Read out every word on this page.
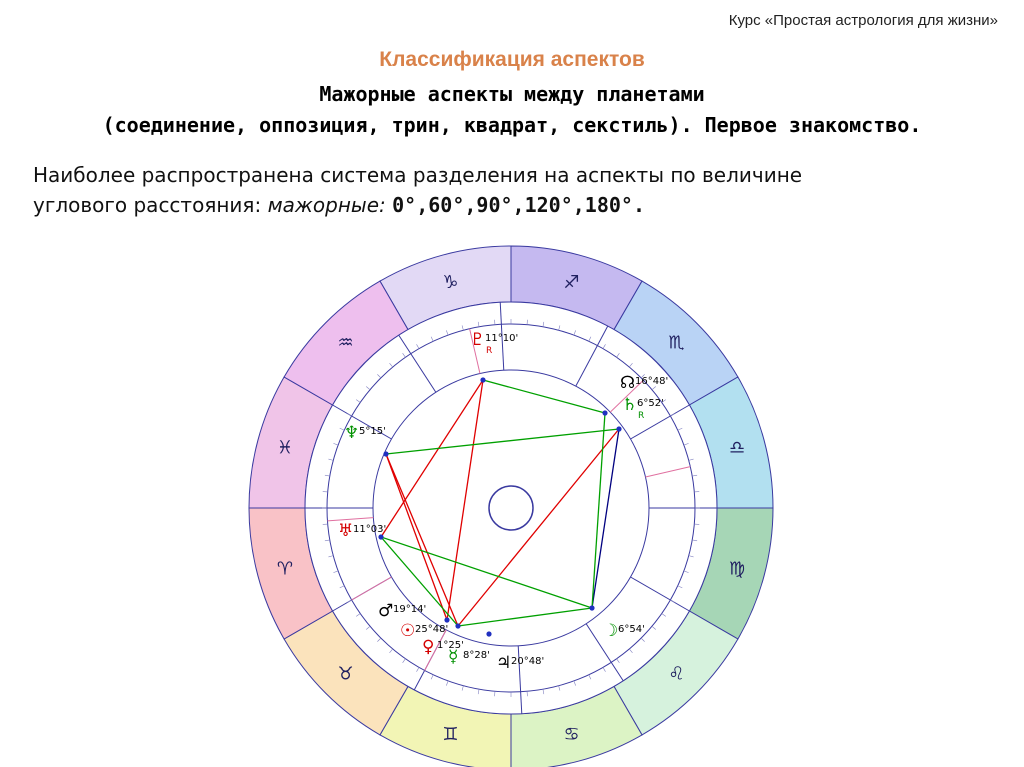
Курс «Простая астрология для жизни»
Классификация аспектов
Мажорные аспекты между планетами
(соединение, оппозиция, трин, квадрат, секстиль). Первое знакомство.
Наиболее распространена система разделения на аспекты по величине
углового расстояния: мажорные: 0°,60°,90°,120°,180°.
♑	♐
♏
♎
♍
♌
♋
♊
♉
♈
♓
♒	♇ 11°10'
R
☊ 16°48'
♄ 6°52'
R
♆ 5°15'
♅ 11°03'
♂ 19°14'
☉ 25°48'
♀ 1°25'
☿ 8°28' ♃ 20°48'
☽ 6°54'
